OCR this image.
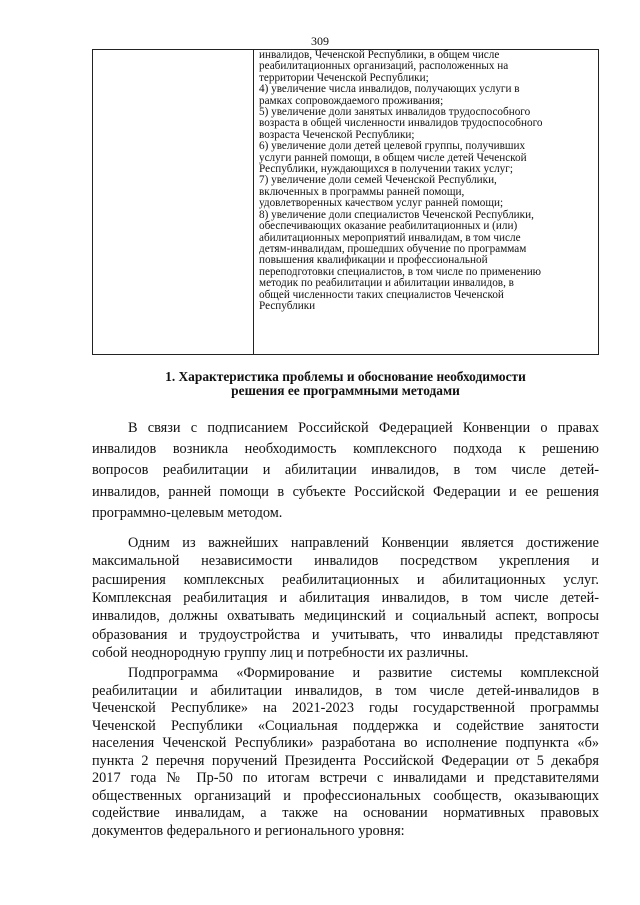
309
инвалидов, Чеченской Республики, в общем числе
реабилитационных организаций, расположенных на
территории Чеченской Республики;
4) увеличение числа инвалидов, получающих услуги в
рамках сопровождаемого проживания;
5) увеличение доли занятых инвалидов трудоспособного
возраста в общей численности инвалидов трудоспособного
возраста Чеченской Республики;
6) увеличение доли детей целевой группы, получивших
услуги ранней помощи, в общем числе детей Чеченской
Республики, нуждающихся в получении таких услуг;
7) увеличение доли семей Чеченской Республики,
включенных в программы ранней помощи,
удовлетворенных качеством услуг ранней помощи;
8) увеличение доли специалистов Чеченской Республики,
обеспечивающих оказание реабилитационных и (или)
абилитационных мероприятий инвалидам, в том числе
детям-инвалидам, прошедших обучение по программам
повышения квалификации и профессиональной
переподготовки специалистов, в том числе по применению
методик по реабилитации и абилитации инвалидов, в
общей численности таких специалистов Чеченской
Республики
1. Характеристика проблемы и обоснование необходимости
решения ее программными методами
В связи с подписанием Российской Федерацией Конвенции о правах
инвалидов возникла необходимость комплексного подхода к решению
вопросов реабилитации и абилитации инвалидов, в том числе детей-
инвалидов, ранней помощи в субъекте Российской Федерации и ее решения
программно-целевым методом.
Одним из важнейших направлений Конвенции является достижение
максимальной независимости инвалидов посредством укрепления и
расширения комплексных реабилитационных и абилитационных услуг.
Комплексная реабилитация и абилитация инвалидов, в том числе детей-
инвалидов, должны охватывать медицинский и социальный аспект, вопросы
образования и трудоустройства и учитывать, что инвалиды представляют
собой неоднородную группу лиц и потребности их различны.
Подпрограмма «Формирование и развитие системы комплексной
реабилитации и абилитации инвалидов, в том числе детей-инвалидов в
Чеченской Республике» на 2021-2023 годы государственной программы
Чеченской Республики «Социальная поддержка и содействие занятости
населения Чеченской Республики» разработана во исполнение подпункта «б»
пункта 2 перечня поручений Президента Российской Федерации от 5 декабря
2017 года № Пр-50 по итогам встречи с инвалидами и представителями
общественных организаций и профессиональных сообществ, оказывающих
содействие инвалидам, а также на основании нормативных правовых
документов федерального и регионального уровня:
